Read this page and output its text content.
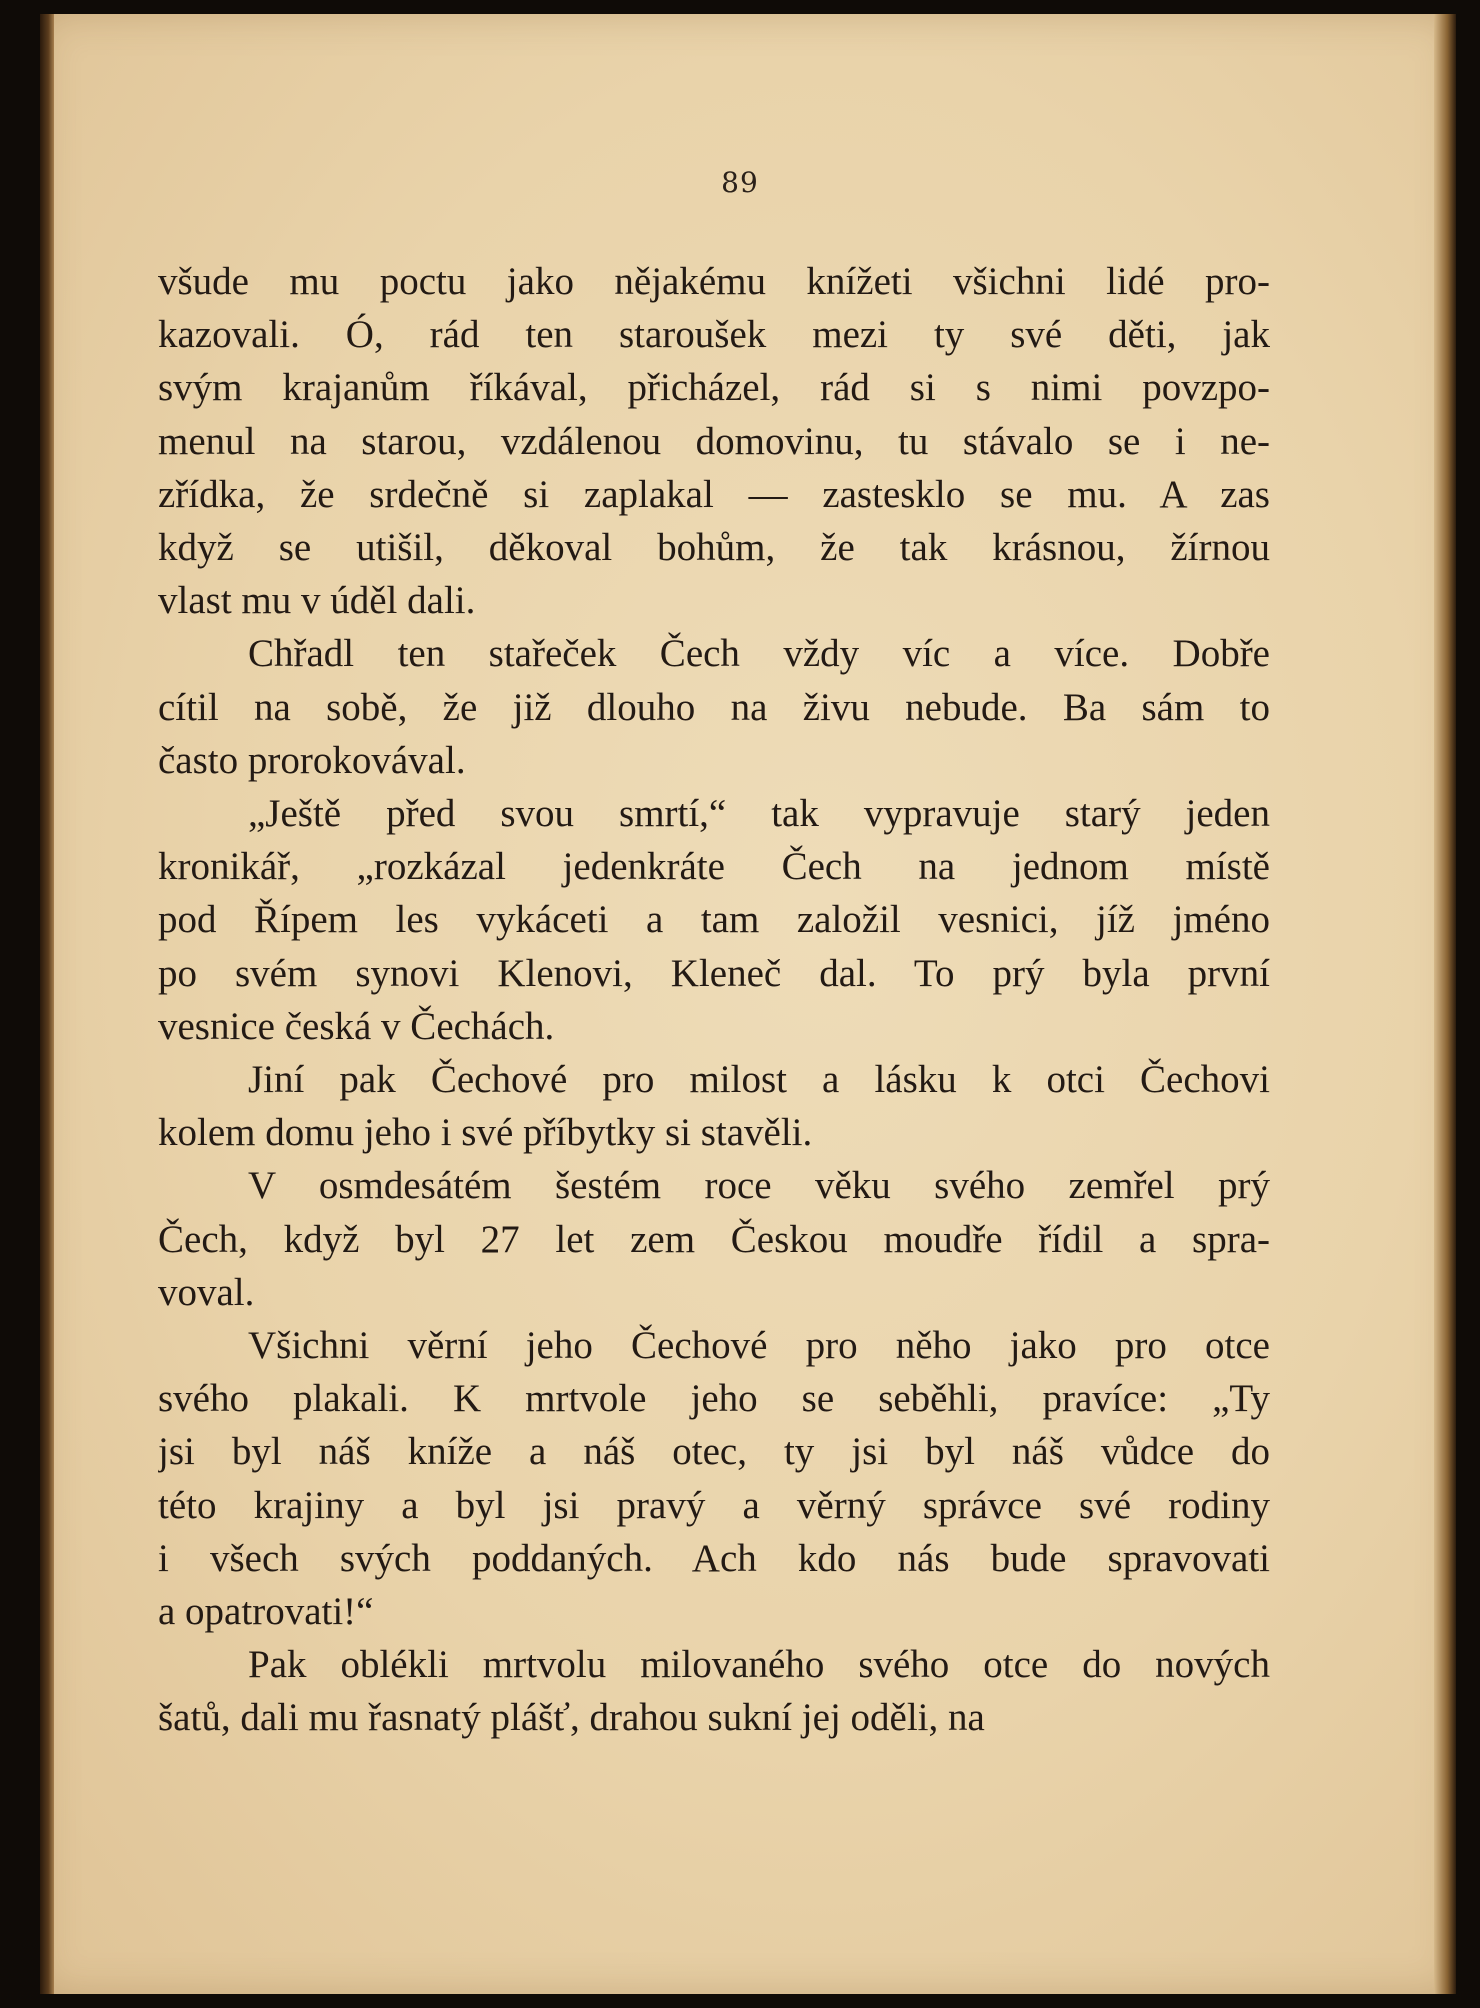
89
všude mu poctu jako nějakému knížeti všichni lidé pro-
kazovali. Ó, rád ten staroušek mezi ty své děti, jak
svým krajanům říkával, přicházel, rád si s nimi povzpo-
menul na starou, vzdálenou domovinu, tu stávalo se i ne-
zřídka, že srdečně si zaplakal — zastesklo se mu. A zas
když se utišil, děkoval bohům, že tak krásnou, žírnou
vlast mu v úděl dali.
Chřadl ten stařeček Čech vždy víc a více. Dobře
cítil na sobě, že již dlouho na živu nebude. Ba sám to
často prorokovával.
„Ještě před svou smrtí,“ tak vypravuje starý jeden
kronikář, „rozkázal jedenkráte Čech na jednom místě
pod Řípem les vykáceti a tam založil vesnici, jíž jméno
po svém synovi Klenovi, Kleneč dal. To prý byla první
vesnice česká v Čechách.
Jiní pak Čechové pro milost a lásku k otci Čechovi
kolem domu jeho i své příbytky si stavěli.
V osmdesátém šestém roce věku svého zemřel prý
Čech, když byl 27 let zem Českou moudře řídil a spra-
voval.
Všichni věrní jeho Čechové pro něho jako pro otce
svého plakali. K mrtvole jeho se seběhli, pravíce: „Ty
jsi byl náš kníže a náš otec, ty jsi byl náš vůdce do
této krajiny a byl jsi pravý a věrný správce své rodiny
i všech svých poddaných. Ach kdo nás bude spravovati
a opatrovati!“
Pak oblékli mrtvolu milovaného svého otce do nových
šatů, dali mu řasnatý plášť, drahou sukní jej oděli, na
